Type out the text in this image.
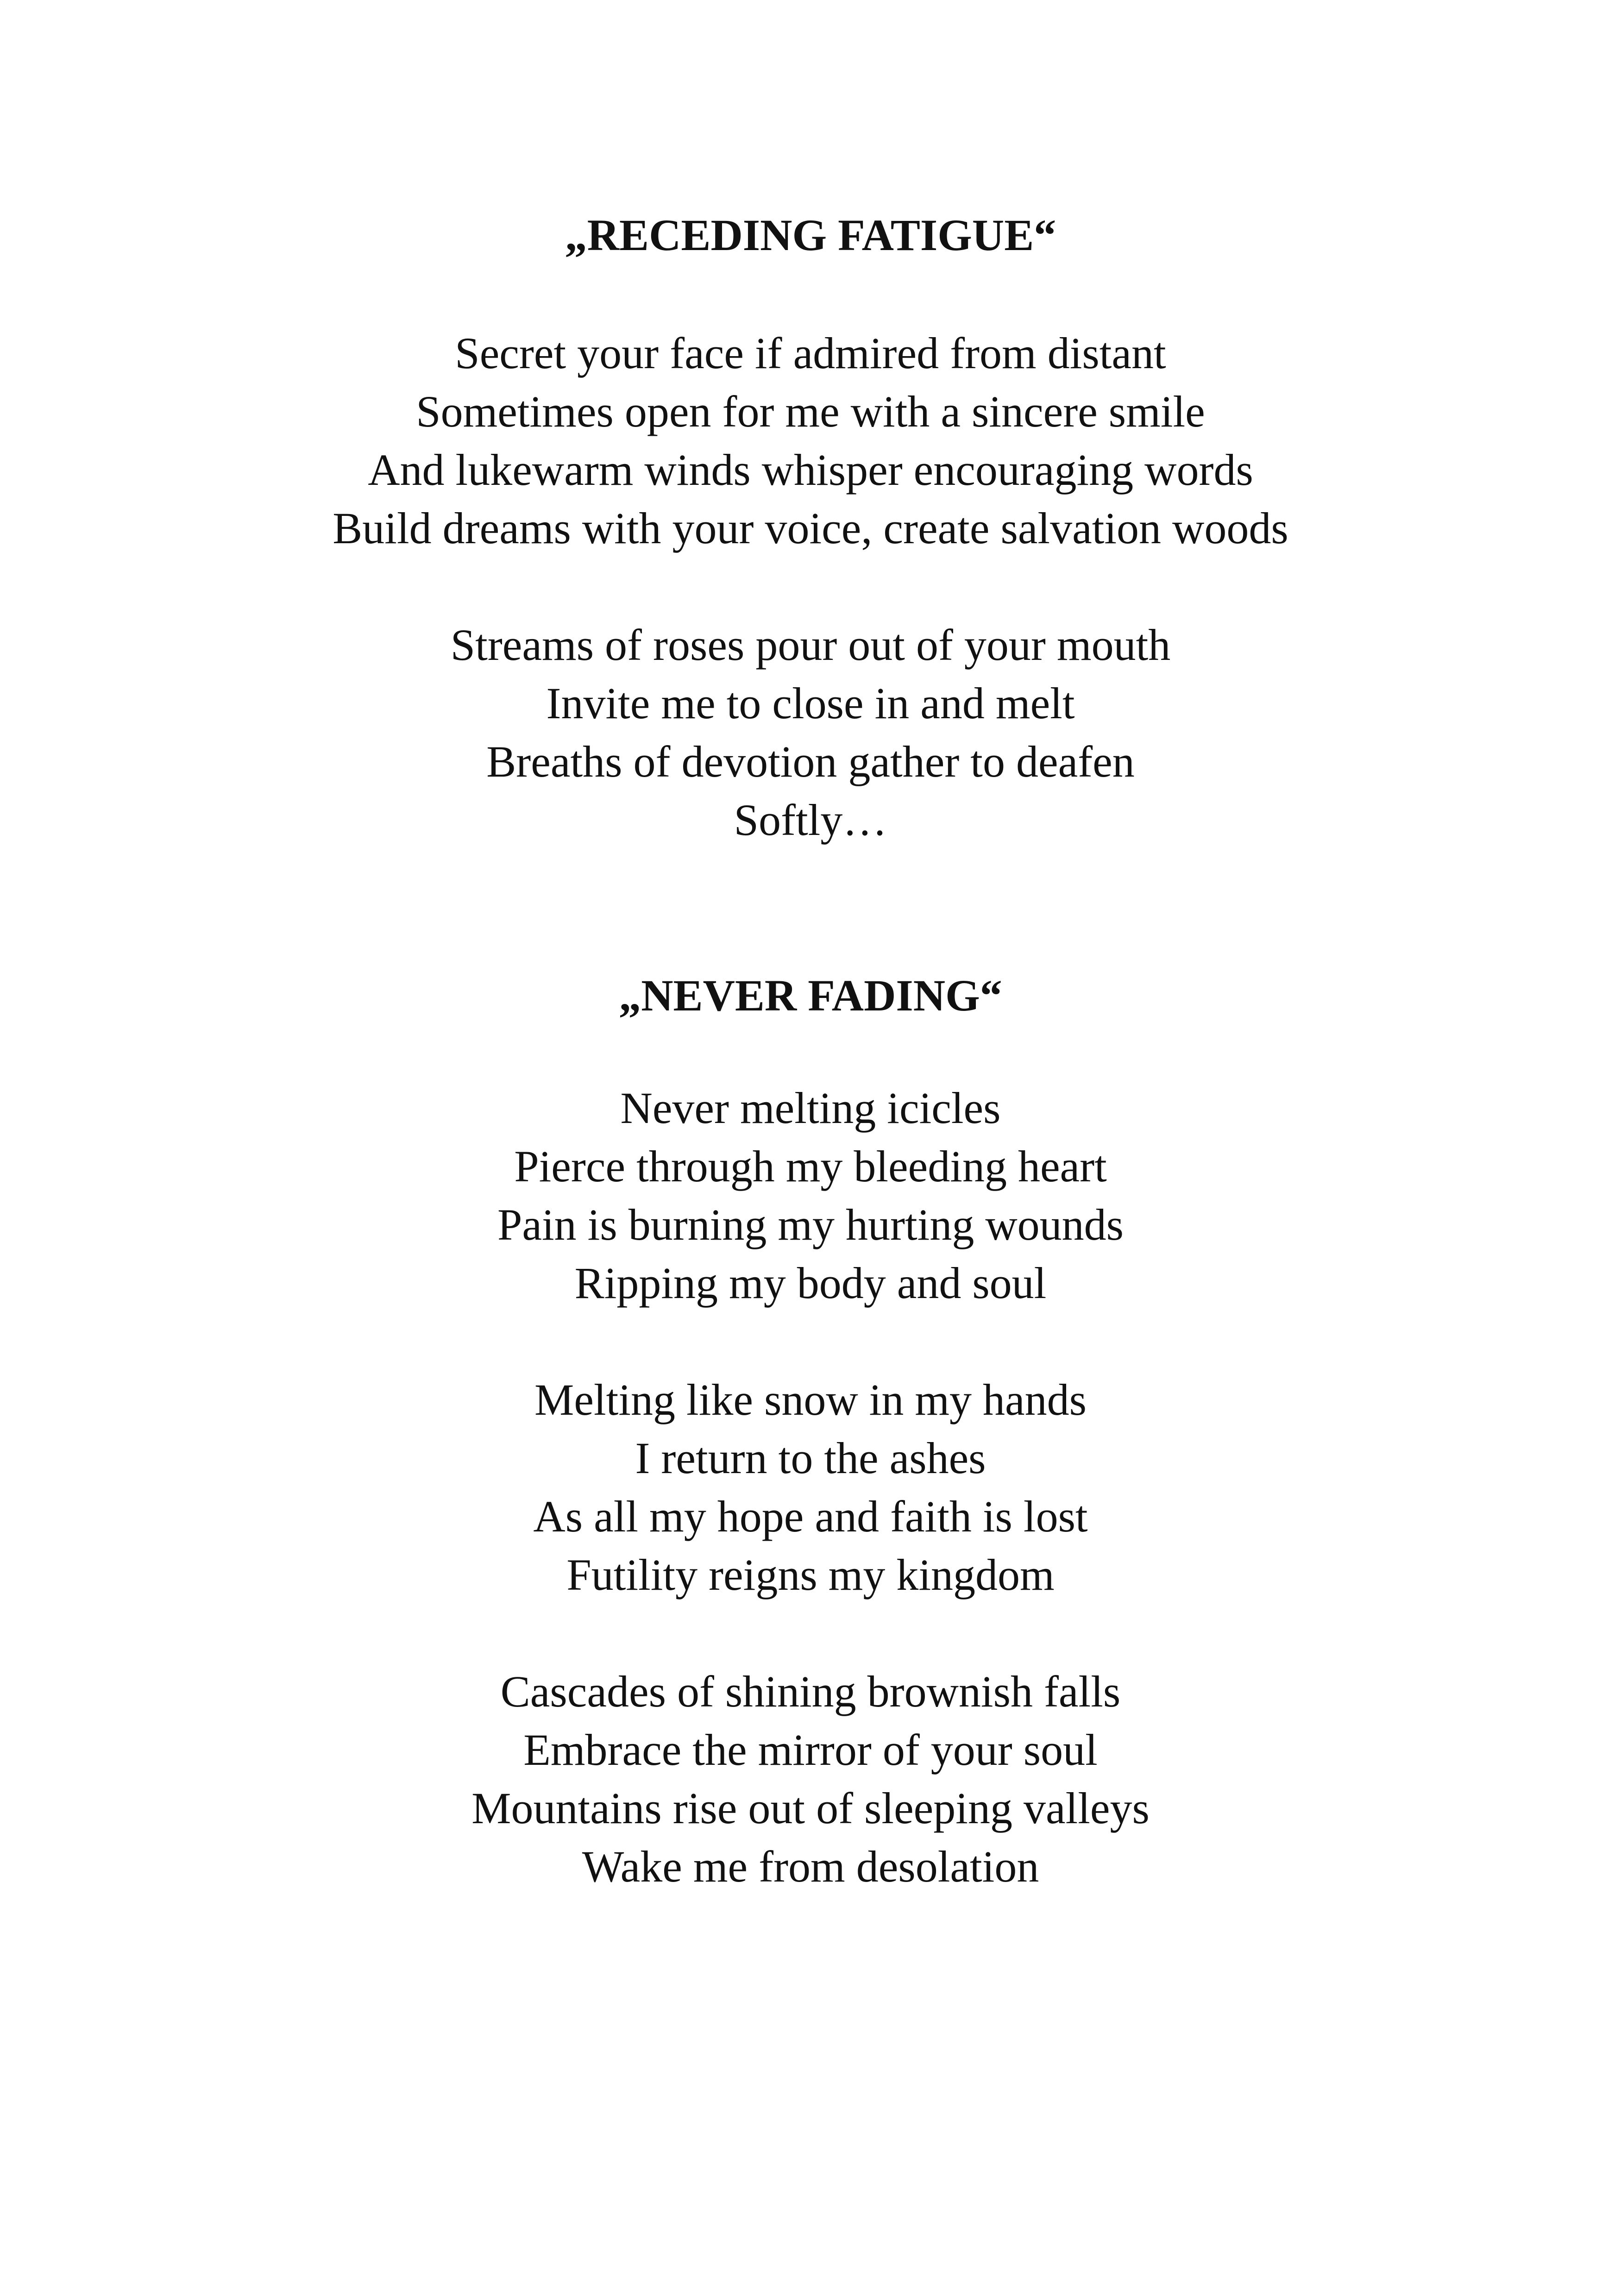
„RECEDING FATIGUE“
Secret your face if admired from distant
Sometimes open for me with a sincere smile
And lukewarm winds whisper encouraging words
Build dreams with your voice, create salvation woods
Streams of roses pour out of your mouth
Invite me to close in and melt
Breaths of devotion gather to deafen
Softly…
„NEVER FADING“
Never melting icicles
Pierce through my bleeding heart
Pain is burning my hurting wounds
Ripping my body and soul
Melting like snow in my hands
I return to the ashes
As all my hope and faith is lost
Futility reigns my kingdom
Cascades of shining brownish falls
Embrace the mirror of your soul
Mountains rise out of sleeping valleys
Wake me from desolation
